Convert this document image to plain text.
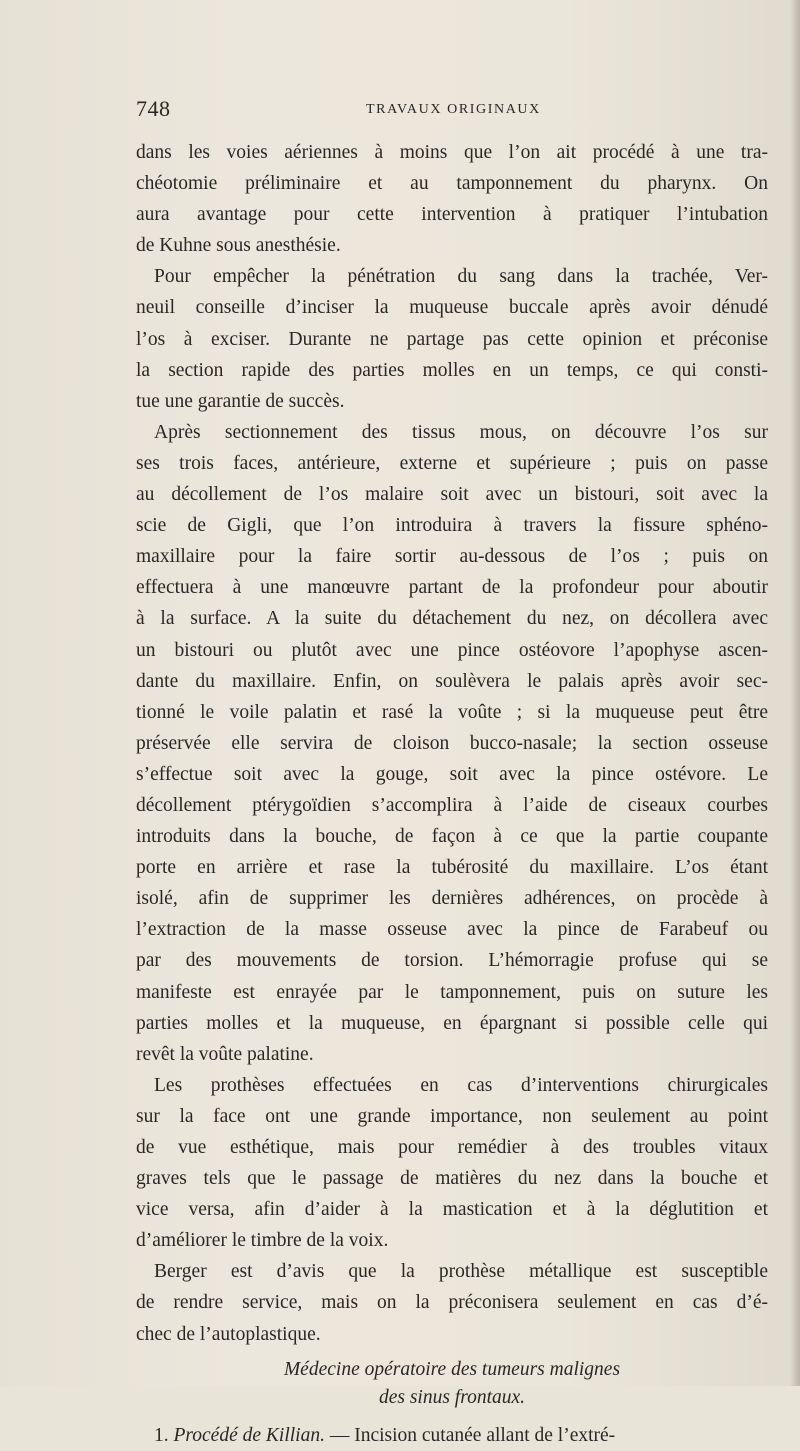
748	TRAVAUX ORIGINAUX
dans les voies aériennes à moins que l’on ait procédé à une tra-
chéotomie préliminaire et au tamponnement du pharynx. On
aura avantage pour cette intervention à pratiquer l’intubation
de Kuhne sous anesthésie.
Pour empêcher la pénétration du sang dans la trachée, Ver-
neuil conseille d’inciser la muqueuse buccale après avoir dénudé
l’os à exciser. Durante ne partage pas cette opinion et préconise
la section rapide des parties molles en un temps, ce qui consti-
tue une garantie de succès.
Après sectionnement des tissus mous, on découvre l’os sur
ses trois faces, antérieure, externe et supérieure ; puis on passe
au décollement de l’os malaire soit avec un bistouri, soit avec la
scie de Gigli, que l’on introduira à travers la fissure sphéno-
maxillaire pour la faire sortir au-dessous de l’os ; puis on
effectuera à une manœuvre partant de la profondeur pour aboutir
à la surface. A la suite du détachement du nez, on décollera avec
un bistouri ou plutôt avec une pince ostéovore l’apophyse ascen-
dante du maxillaire. Enfin, on soulèvera le palais après avoir sec-
tionné le voile palatin et rasé la voûte ; si la muqueuse peut être
préservée elle servira de cloison bucco-nasale; la section osseuse
s’effectue soit avec la gouge, soit avec la pince ostévore. Le
décollement ptérygoïdien s’accomplira à l’aide de ciseaux courbes
introduits dans la bouche, de façon à ce que la partie coupante
porte en arrière et rase la tubérosité du maxillaire. L’os étant
isolé, afin de supprimer les dernières adhérences, on procède à
l’extraction de la masse osseuse avec la pince de Farabeuf ou
par des mouvements de torsion. L’hémorragie profuse qui se
manifeste est enrayée par le tamponnement, puis on suture les
parties molles et la muqueuse, en épargnant si possible celle qui
revêt la voûte palatine.
Les prothèses effectuées en cas d’interventions chirurgicales
sur la face ont une grande importance, non seulement au point
de vue esthétique, mais pour remédier à des troubles vitaux
graves tels que le passage de matières du nez dans la bouche et
vice versa, afin d’aider à la mastication et à la déglutition et
d’améliorer le timbre de la voix.
Berger est d’avis que la prothèse métallique est susceptible
de rendre service, mais on la préconisera seulement en cas d’é-
chec de l’autoplastique.
Médecine opératoire des tumeurs malignes
des sinus frontaux.
1. Procédé de Killian. — Incision cutanée allant de l’extré-
